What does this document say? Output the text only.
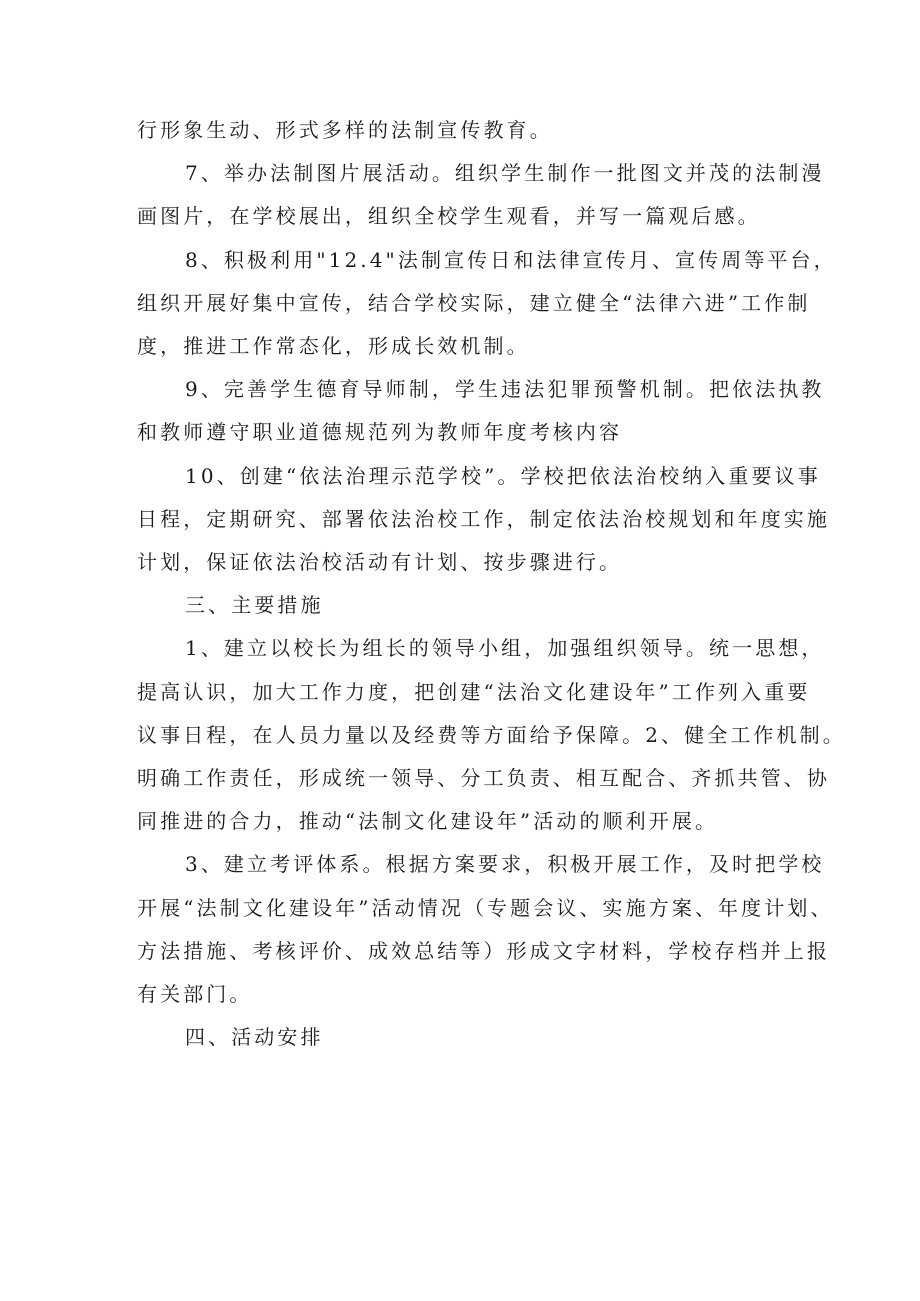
行形象生动、形式多样的法制宣传教育。
7、举办法制图片展活动。组织学生制作一批图文并茂的法制漫
画图片，在学校展出，组织全校学生观看，并写一篇观后感。
8、积极利用"12.4"法制宣传日和法律宣传月、宣传周等平台，
组织开展好集中宣传，结合学校实际，建立健全“法律六进”工作制
度，推进工作常态化，形成长效机制。
9、完善学生德育导师制，学生违法犯罪预警机制。把依法执教
和教师遵守职业道德规范列为教师年度考核内容
10、创建“依法治理示范学校”。学校把依法治校纳入重要议事
日程，定期研究、部署依法治校工作，制定依法治校规划和年度实施
计划，保证依法治校活动有计划、按步骤进行。
三、主要措施
1、建立以校长为组长的领导小组，加强组织领导。统一思想，
提高认识，加大工作力度，把创建“法治文化建设年”工作列入重要
议事日程，在人员力量以及经费等方面给予保障。2、健全工作机制。
明确工作责任，形成统一领导、分工负责、相互配合、齐抓共管、协
同推进的合力，推动“法制文化建设年”活动的顺利开展。
3、建立考评体系。根据方案要求，积极开展工作，及时把学校
开展“法制文化建设年”活动情况（专题会议、实施方案、年度计划、
方法措施、考核评价、成效总结等）形成文字材料，学校存档并上报
有关部门。
四、活动安排
